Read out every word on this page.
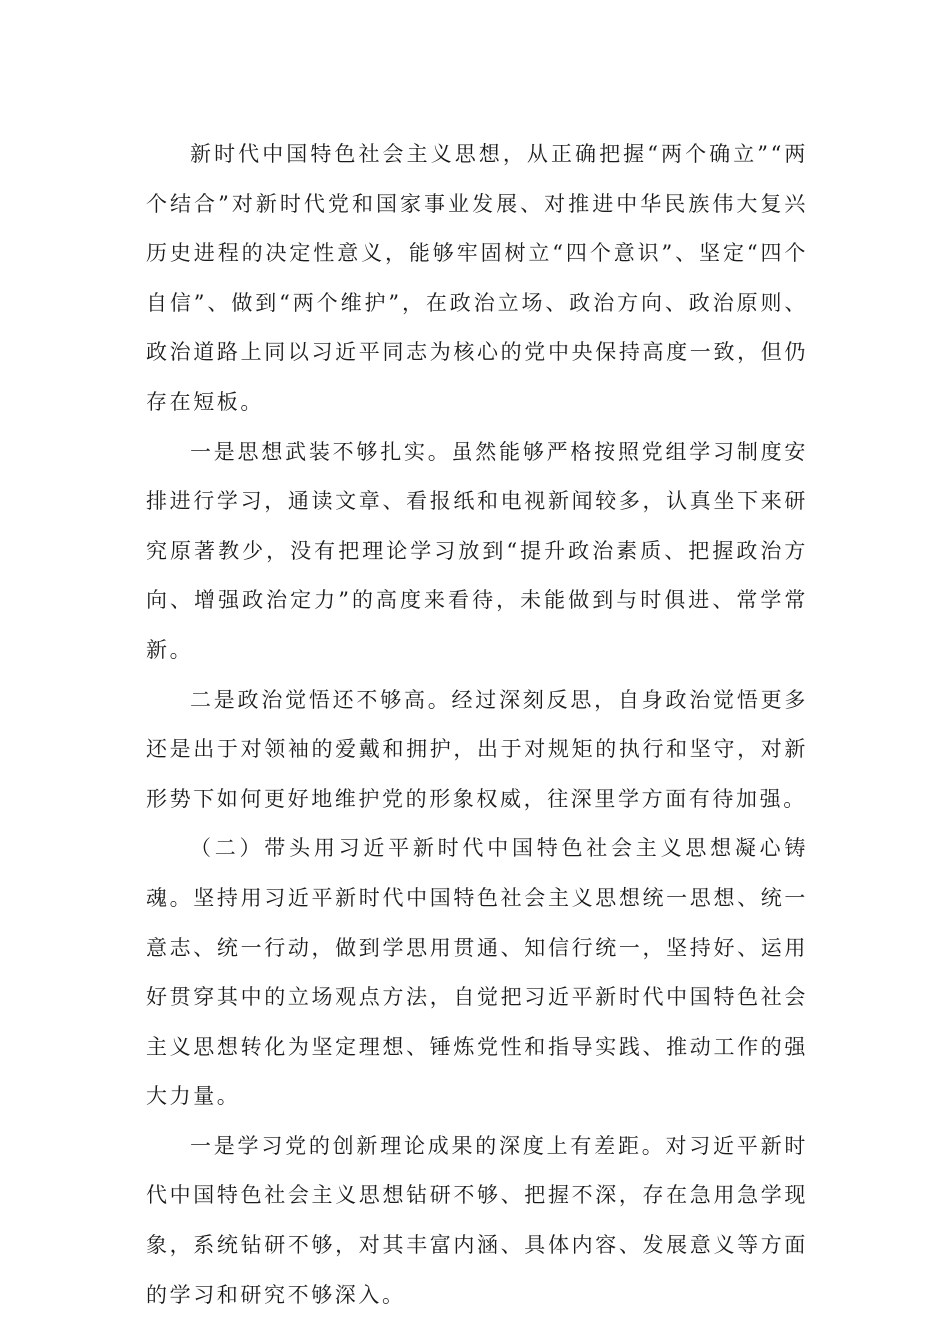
新时代中国特色社会主义思想，从正确把握“两个确立”“两个结合”对新时代党和国家事业发展、对推进中华民族伟大复兴历史进程的决定性意义，能够牢固树立“四个意识”、坚定“四个自信”、做到“两个维护”，在政治立场、政治方向、政治原则、政治道路上同以习近平同志为核心的党中央保持高度一致，但仍存在短板。

一是思想武装不够扎实。虽然能够严格按照党组学习制度安排进行学习，通读文章、看报纸和电视新闻较多，认真坐下来研究原著教少，没有把理论学习放到“提升政治素质、把握政治方向、增强政治定力”的高度来看待，未能做到与时俱进、常学常新。

二是政治觉悟还不够高。经过深刻反思，自身政治觉悟更多还是出于对领袖的爱戴和拥护，出于对规矩的执行和坚守，对新形势下如何更好地维护党的形象权威，往深里学方面有待加强。

（二）带头用习近平新时代中国特色社会主义思想凝心铸魂。坚持用习近平新时代中国特色社会主义思想统一思想、统一意志、统一行动，做到学思用贯通、知信行统一，坚持好、运用好贯穿其中的立场观点方法，自觉把习近平新时代中国特色社会主义思想转化为坚定理想、锤炼党性和指导实践、推动工作的强大力量。

一是学习党的创新理论成果的深度上有差距。对习近平新时代中国特色社会主义思想钻研不够、把握不深，存在急用急学现象，系统钻研不够，对其丰富内涵、具体内容、发展意义等方面的学习和研究不够深入。
